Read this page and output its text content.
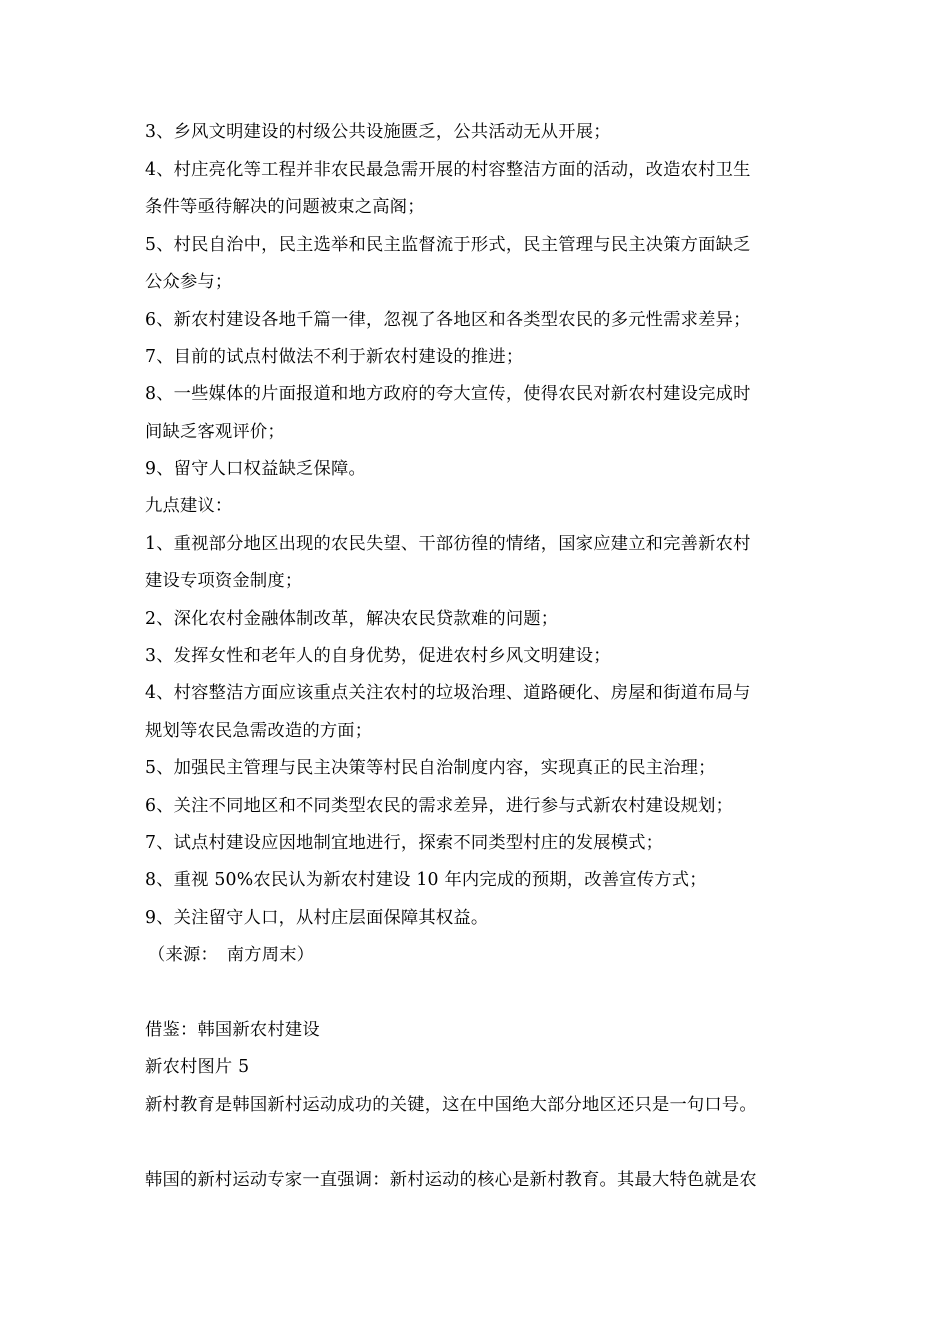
3、乡风文明建设的村级公共设施匮乏，公共活动无从开展；
4、村庄亮化等工程并非农民最急需开展的村容整洁方面的活动，改造农村卫生
条件等亟待解决的问题被束之高阁；
5、村民自治中，民主选举和民主监督流于形式，民主管理与民主决策方面缺乏
公众参与；
6、新农村建设各地千篇一律，忽视了各地区和各类型农民的多元性需求差异；
7、目前的试点村做法不利于新农村建设的推进；
8、一些媒体的片面报道和地方政府的夸大宣传，使得农民对新农村建设完成时
间缺乏客观评价；
9、留守人口权益缺乏保障。
九点建议：
1、重视部分地区出现的农民失望、干部彷徨的情绪，国家应建立和完善新农村
建设专项资金制度；
2、深化农村金融体制改革，解决农民贷款难的问题；
3、发挥女性和老年人的自身优势，促进农村乡风文明建设；
4、村容整洁方面应该重点关注农村的垃圾治理、道路硬化、房屋和街道布局与
规划等农民急需改造的方面；
5、加强民主管理与民主决策等村民自治制度内容，实现真正的民主治理；
6、关注不同地区和不同类型农民的需求差异，进行参与式新农村建设规划；
7、试点村建设应因地制宜地进行，探索不同类型村庄的发展模式；
8、重视 50%农民认为新农村建设 10 年内完成的预期，改善宣传方式；
9、关注留守人口，从村庄层面保障其权益。
（来源：　南方周末）
借鉴：韩国新农村建设
新农村图片 5
新村教育是韩国新村运动成功的关键，这在中国绝大部分地区还只是一句口号。
韩国的新村运动专家一直强调：新村运动的核心是新村教育。其最大特色就是农
